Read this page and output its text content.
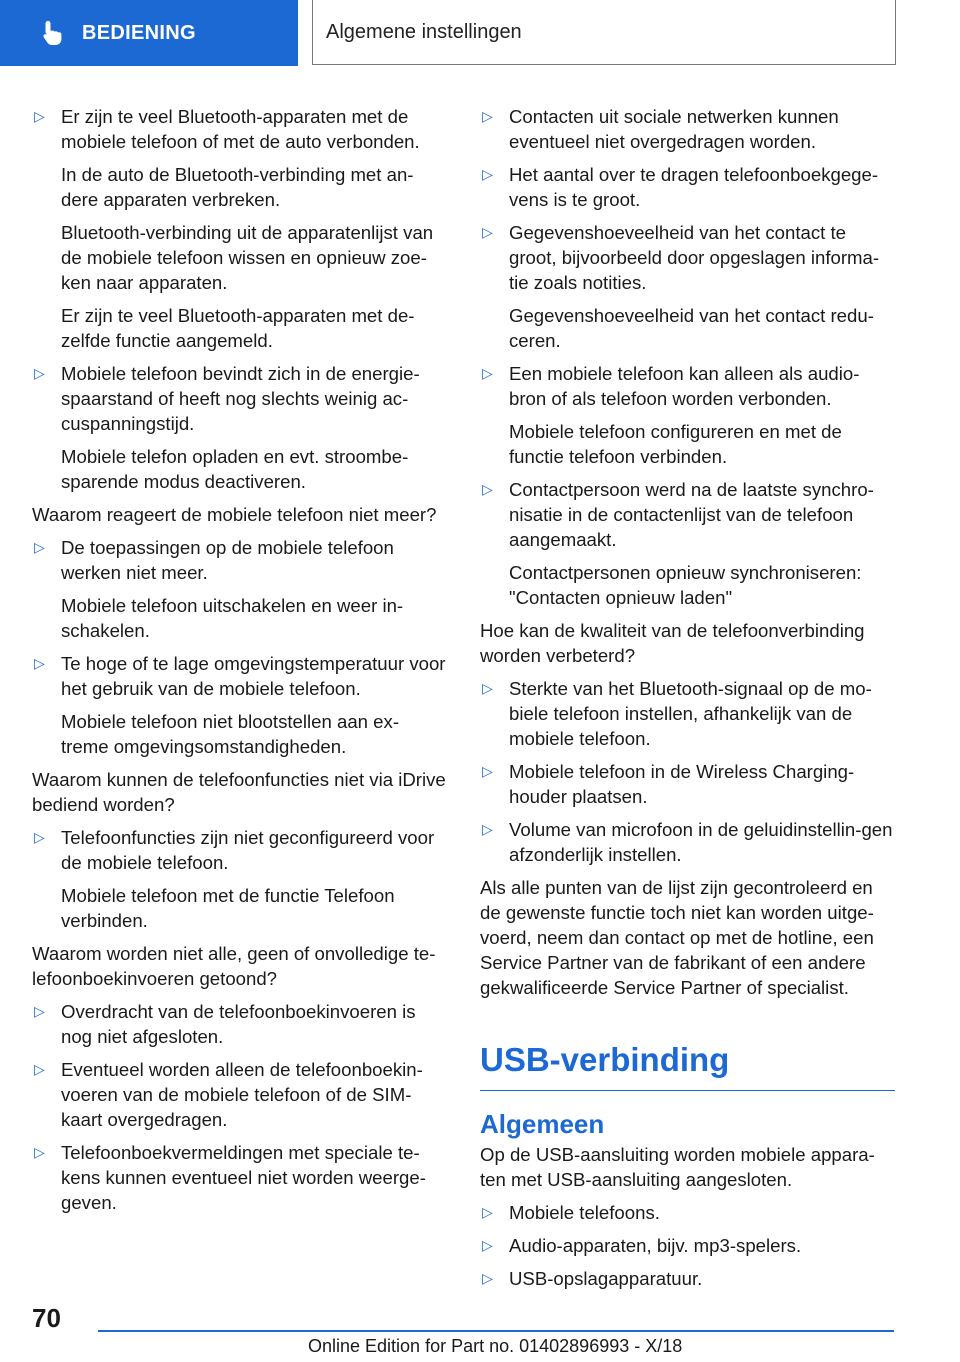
BEDIENING	Algemene instellingen
▷ Er zijn te veel Bluetooth-apparaten met de mobiele telefoon of met de auto verbonden.
In de auto de Bluetooth-verbinding met an‐dere apparaten verbreken.
Bluetooth-verbinding uit de apparatenlijst van de mobiele telefoon wissen en opnieuw zoe‐ken naar apparaten.
Er zijn te veel Bluetooth-apparaten met de‐zelfde functie aangemeld.
▷ Mobiele telefoon bevindt zich in de energie‐spaarstand of heeft nog slechts weinig ac‐cuspanningstijd.
Mobiele telefon opladen en evt. stroombe‐sparende modus deactiveren.
Waarom reageert de mobiele telefoon niet meer?
▷ De toepassingen op de mobiele telefoon werken niet meer.
Mobiele telefoon uitschakelen en weer in‐schakelen.
▷ Te hoge of te lage omgevingstemperatuur voor het gebruik van de mobiele telefoon.
Mobiele telefoon niet blootstellen aan ex‐treme omgevingsomstandigheden.
Waarom kunnen de telefoonfuncties niet via iDrive bediend worden?
▷ Telefoonfuncties zijn niet geconfigureerd voor de mobiele telefoon.
Mobiele telefoon met de functie Telefoon verbinden.
Waarom worden niet alle, geen of onvolledige te‐lefoonboekinvoeren getoond?
▷ Overdracht van de telefoonboekinvoeren is nog niet afgesloten.
▷ Eventueel worden alleen de telefoonboekin‐voeren van de mobiele telefoon of de SIM-kaart overgedragen.
▷ Telefoonboekvermeldingen met speciale te‐kens kunnen eventueel niet worden weerge‐geven.
▷ Contacten uit sociale netwerken kunnen eventueel niet overgedragen worden.
▷ Het aantal over te dragen telefoonboekgege‐vens is te groot.
▷ Gegevenshoeveelheid van het contact te groot, bijvoorbeeld door opgeslagen informa‐tie zoals notities.
Gegevenshoeveelheid van het contact redu‐ceren.
▷ Een mobiele telefoon kan alleen als audio‐bron of als telefoon worden verbonden.
Mobiele telefoon configureren en met de functie telefoon verbinden.
▷ Contactpersoon werd na de laatste synchro‐nisatie in de contactenlijst van de telefoon aangemaakt.
Contactpersonen opnieuw synchroniseren: "Contacten opnieuw laden"
Hoe kan de kwaliteit van de telefoonverbinding worden verbeterd?
▷ Sterkte van het Bluetooth-signaal op de mo‐biele telefoon instellen, afhankelijk van de mobiele telefoon.
▷ Mobiele telefoon in de Wireless Charging-houder plaatsen.
▷ Volume van microfoon in de geluidinstellin‐gen afzonderlijk instellen.
Als alle punten van de lijst zijn gecontroleerd en de gewenste functie toch niet kan worden uitge‐voerd, neem dan contact op met de hotline, een Service Partner van de fabrikant of een andere gekwalificeerde Service Partner of specialist.
USB-verbinding
Algemeen
Op de USB-aansluiting worden mobiele appara‐ten met USB-aansluiting aangesloten.
▷ Mobiele telefoons.
▷ Audio-apparaten, bijv. mp3-spelers.
▷ USB-opslagapparatuur.
70
Online Edition for Part no. 01402896993 - X/18
